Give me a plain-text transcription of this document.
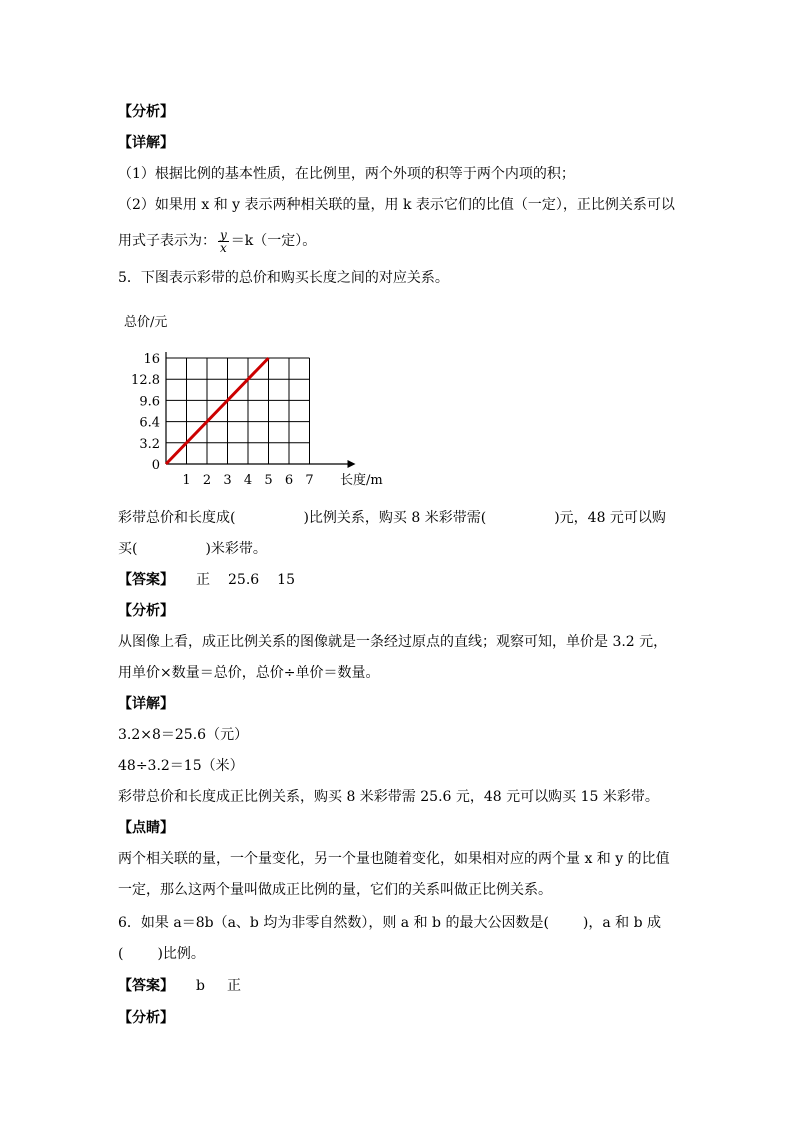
【分析】
【详解】
（1）根据比例的基本性质，在比例里，两个外项的积等于两个内项的积；
（2）如果用 x 和 y 表示两种相关联的量，用 k 表示它们的比值（一定），正比例关系可以
用式子表示为： $\frac{y}{x} =k$（一定）。
5．下图表示彩带的总价和购买长度之间的对应关系。
总价/元
0
3.2
6.4
9.6
12.8
16
1 2 3 4 5 6 7 长度/m
彩带总价和长度成(	)比例关系，购买 8 米彩带需(	)元，48 元可以购
买(	)米彩带。
【答案】 正 25.6 15
【分析】
从图像上看，成正比例关系的图像就是一条经过原点的直线；观察可知，单价是 3.2 元，
用单价×数量＝总价，总价÷单价＝数量。
【详解】
3.2×8＝25.6（元）
48÷3.2＝15（米）
彩带总价和长度成正比例关系，购买 8 米彩带需 25.6 元，48 元可以购买 15 米彩带。
【点睛】
两个相关联的量，一个量变化，另一个量也随着变化，如果相对应的两个量 x 和 y 的比值
一定，那么这两个量叫做成正比例的量，它们的关系叫做正比例关系。
6．如果 a＝8b（a、b 均为非零自然数），则 a 和 b 的最大公因数是( )，a 和 b 成
( )比例。
【答案】 b 正
【分析】
